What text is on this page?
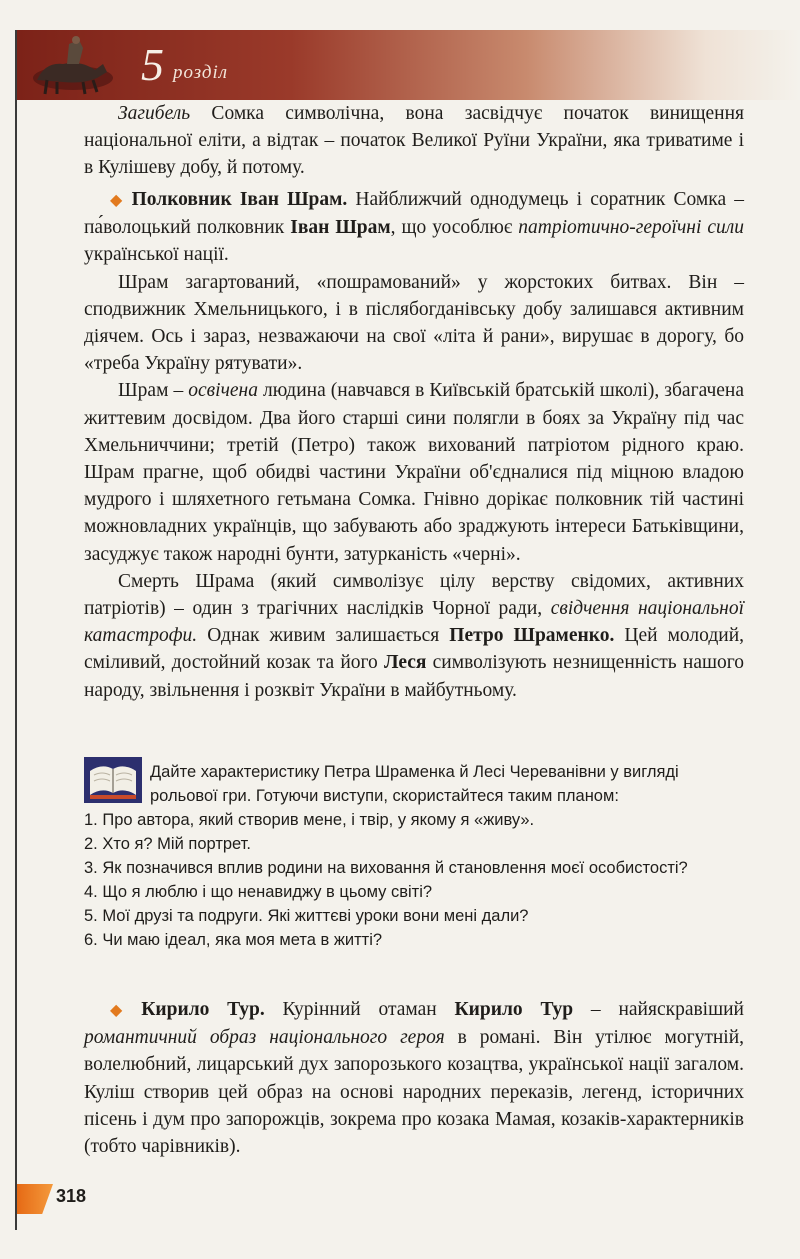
5 розділ

Загибель Сомка символічна, вона засвідчує початок винищення національної еліти, а відтак – початок Великої Руїни України, яка триватиме і в Кулішеву добу, й потому.

◆ Полковник Іван Шрам. Найближчий однодумець і соратник Сомка – па́волоцький полковник Іван Шрам, що уособлює патріотично-героїчні сили української нації.

Шрам загартований, «пошрамований» у жорстоких битвах. Він – сподвижник Хмельницького, і в післябогданівську добу залишався активним діячем. Ось і зараз, незважаючи на свої «літа й рани», вирушає в дорогу, бо «треба Україну рятувати».

Шрам – освічена людина (навчався в Київській братській школі), збагачена життевим досвідом. Два його старші сини полягли в боях за Україну під час Хмельниччини; третій (Петро) також вихований патріотом рідного краю. Шрам прагне, щоб обидві частини України об'єдналися під міцною владою мудрого і шляхетного гетьмана Сомка. Гнівно дорікає полковник тій частині можновладних українців, що забувають або зраджують інтереси Батьківщини, засуджує також народні бунти, затурканість «черні».

Смерть Шрама (який символізує цілу верству свідомих, активних патріотів) – один з трагічних наслідків Чорної ради, свідчення національної катастрофи. Однак живим залишається Петро Шраменко. Цей молодий, сміливий, достойний козак та його Леся символізують незнищенність нашого народу, звільнення і розквіт України в майбутньому.

Дайте характеристику Петра Шраменка й Лесі Череванівни у вигляді рольової гри. Готуючи виступи, скористайтеся таким планом:

1. Про автора, який створив мене, і твір, у якому я «живу».

2. Хто я? Мій портрет.

3. Як позначився вплив родини на виховання й становлення моєї особистості?

4. Що я люблю і що ненавиджу в цьому світі?

5. Мої друзі та подруги. Які життєві уроки вони мені дали?

6. Чи маю ідеал, яка моя мета в житті?

◆ Кирило Тур. Курінний отаман Кирило Тур – найяскравіший романтичний образ національного героя в романі. Він утілює могутній, волелюбний, лицарський дух запорозького козацтва, української нації загалом. Куліш створив цей образ на основі народних переказів, легенд, історичних пісень і дум про запорожців, зокрема про козака Мамая, козаків-характерників (тобто чарівників).

318
